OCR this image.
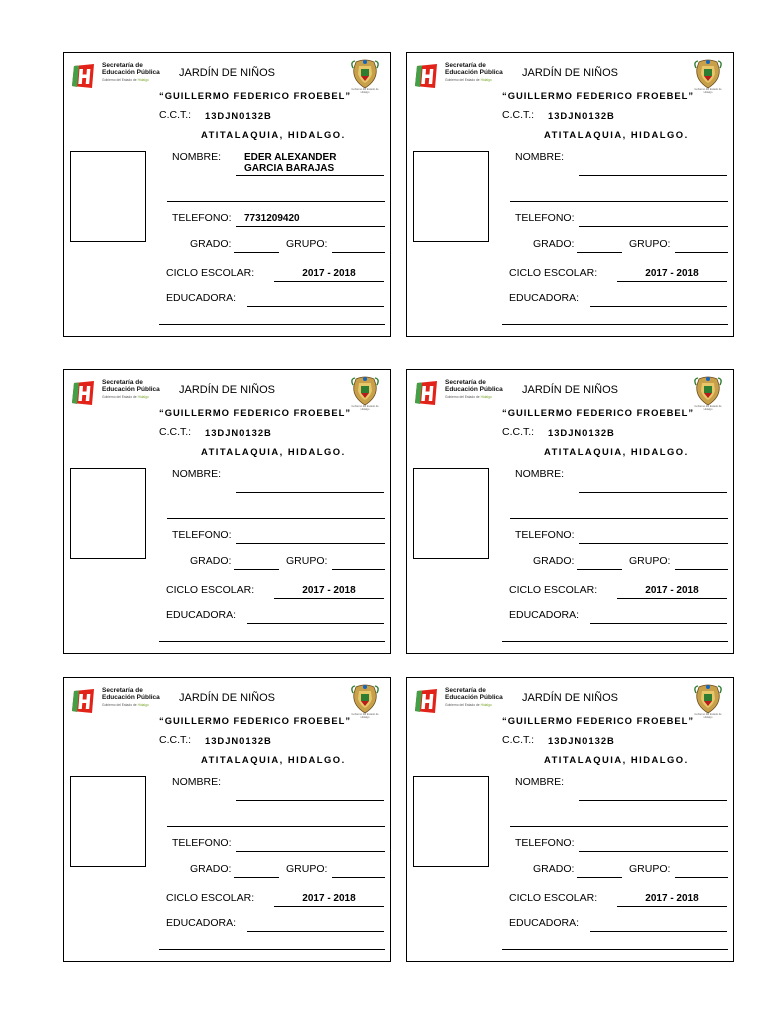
Secretaría de
Educación Pública
Gobierno del Estado de Hidalgo
Gobierno del Estado de Hidalgo
JARDÍN DE NIÑOS
“GUILLERMO FEDERICO FROEBEL”
C.C.T.: 13DJN0132B
ATITALAQUIA, HIDALGO.
NOMBRE: EDER ALEXANDER
GARCIA BARAJAS
TELEFONO: 7731209420
GRADO:	GRUPO:
CICLO ESCOLAR:	2017 - 2018
EDUCADORA:
Secretaría de
Educación Pública
Gobierno del Estado de Hidalgo
Gobierno del Estado de Hidalgo
JARDÍN DE NIÑOS
“GUILLERMO FEDERICO FROEBEL”
C.C.T.: 13DJN0132B
ATITALAQUIA, HIDALGO.
NOMBRE:
TELEFONO:
GRADO:	GRUPO:
CICLO ESCOLAR:	2017 - 2018
EDUCADORA:
Secretaría de
Educación Pública
Gobierno del Estado de Hidalgo
Gobierno del Estado de Hidalgo
JARDÍN DE NIÑOS
“GUILLERMO FEDERICO FROEBEL”
C.C.T.: 13DJN0132B
ATITALAQUIA, HIDALGO.
NOMBRE:
TELEFONO:
GRADO:	GRUPO:
CICLO ESCOLAR:	2017 - 2018
EDUCADORA:
Secretaría de
Educación Pública
Gobierno del Estado de Hidalgo
Gobierno del Estado de Hidalgo
JARDÍN DE NIÑOS
“GUILLERMO FEDERICO FROEBEL”
C.C.T.: 13DJN0132B
ATITALAQUIA, HIDALGO.
NOMBRE:
TELEFONO:
GRADO:	GRUPO:
CICLO ESCOLAR:	2017 - 2018
EDUCADORA:
Secretaría de
Educación Pública
Gobierno del Estado de Hidalgo
Gobierno del Estado de Hidalgo
JARDÍN DE NIÑOS
“GUILLERMO FEDERICO FROEBEL”
C.C.T.: 13DJN0132B
ATITALAQUIA, HIDALGO.
NOMBRE:
TELEFONO:
GRADO:	GRUPO:
CICLO ESCOLAR:	2017 - 2018
EDUCADORA:
Secretaría de
Educación Pública
Gobierno del Estado de Hidalgo
Gobierno del Estado de Hidalgo
JARDÍN DE NIÑOS
“GUILLERMO FEDERICO FROEBEL”
C.C.T.: 13DJN0132B
ATITALAQUIA, HIDALGO.
NOMBRE:
TELEFONO:
GRADO:	GRUPO:
CICLO ESCOLAR:	2017 - 2018
EDUCADORA:
